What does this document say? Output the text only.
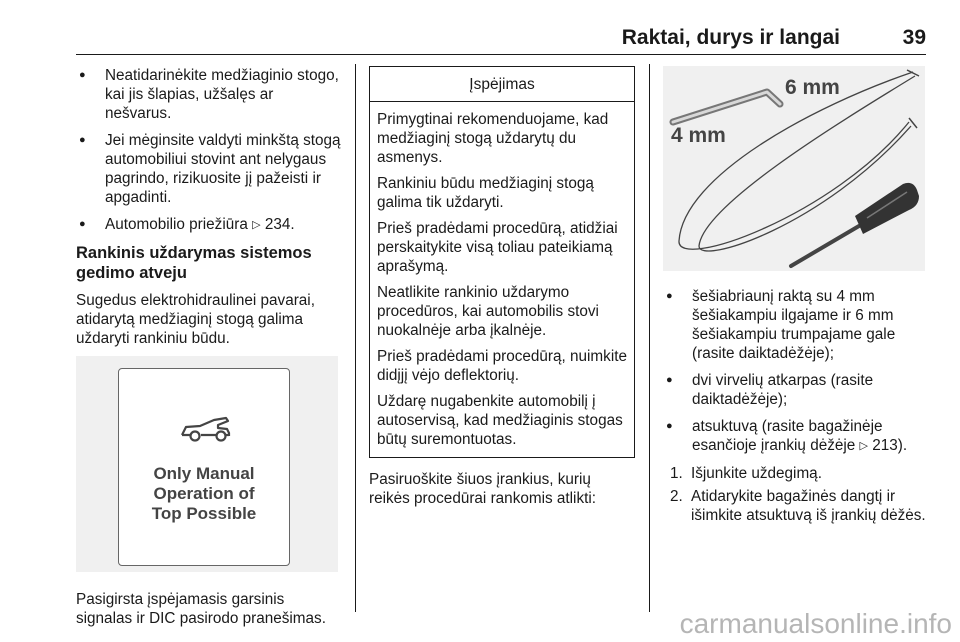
Raktai, durys ir langai	39
● Neatidarinėkite medžiaginio stogo, kai jis šlapias, užšalęs ar nešvarus.
● Jei mėginsite valdyti minkštą stogą automobiliui stovint ant nelygaus pagrindo, rizikuosite jį pažeisti ir apgadinti.
● Automobilio priežiūra ▷ 234.
Rankinis uždarymas sistemos gedimo atveju

Sugedus elektrohidraulinei pavarai, atidarytą medžiaginį stogą galima uždaryti rankiniu būdu.

Only Manual
Operation of
Top Possible

Pasigirsta įspėjamasis garsinis signalas ir DIC pasirodo pranešimas.

Įspėjimas

Primygtinai rekomenduojame, kad medžiaginį stogą uždarytų du asmenys.

Rankiniu būdu medžiaginį stogą galima tik uždaryti.

Prieš pradėdami procedūrą, atidžiai perskaitykite visą toliau pateikiamą aprašymą.

Neatlikite rankinio uždarymo procedūros, kai automobilis stovi nuokalnėje arba įkalnėje.

Prieš pradėdami procedūrą, nuimkite didįjį vėjo deflektorių.

Uždarę nugabenkite automobilį į autoservisą, kad medžiaginis stogas būtų suremontuotas.

Pasiruoškite šiuos įrankius, kurių reikės procedūrai rankomis atlikti:

6 mm
4 mm
● šešiabriaunį raktą su 4 mm šešiakampiu ilgajame ir 6 mm šešiakampiu trumpajame gale (rasite daiktadėžėje);
● dvi virvelių atkarpas (rasite daiktadėžėje);
● atsuktuvą (rasite bagažinėje esančioje įrankių dėžėje ▷ 213).
1. Išjunkite uždegimą.
2. Atidarykite bagažinės dangtį ir išimkite atsuktuvą iš įrankių dėžės.
carmanualsonline.info
